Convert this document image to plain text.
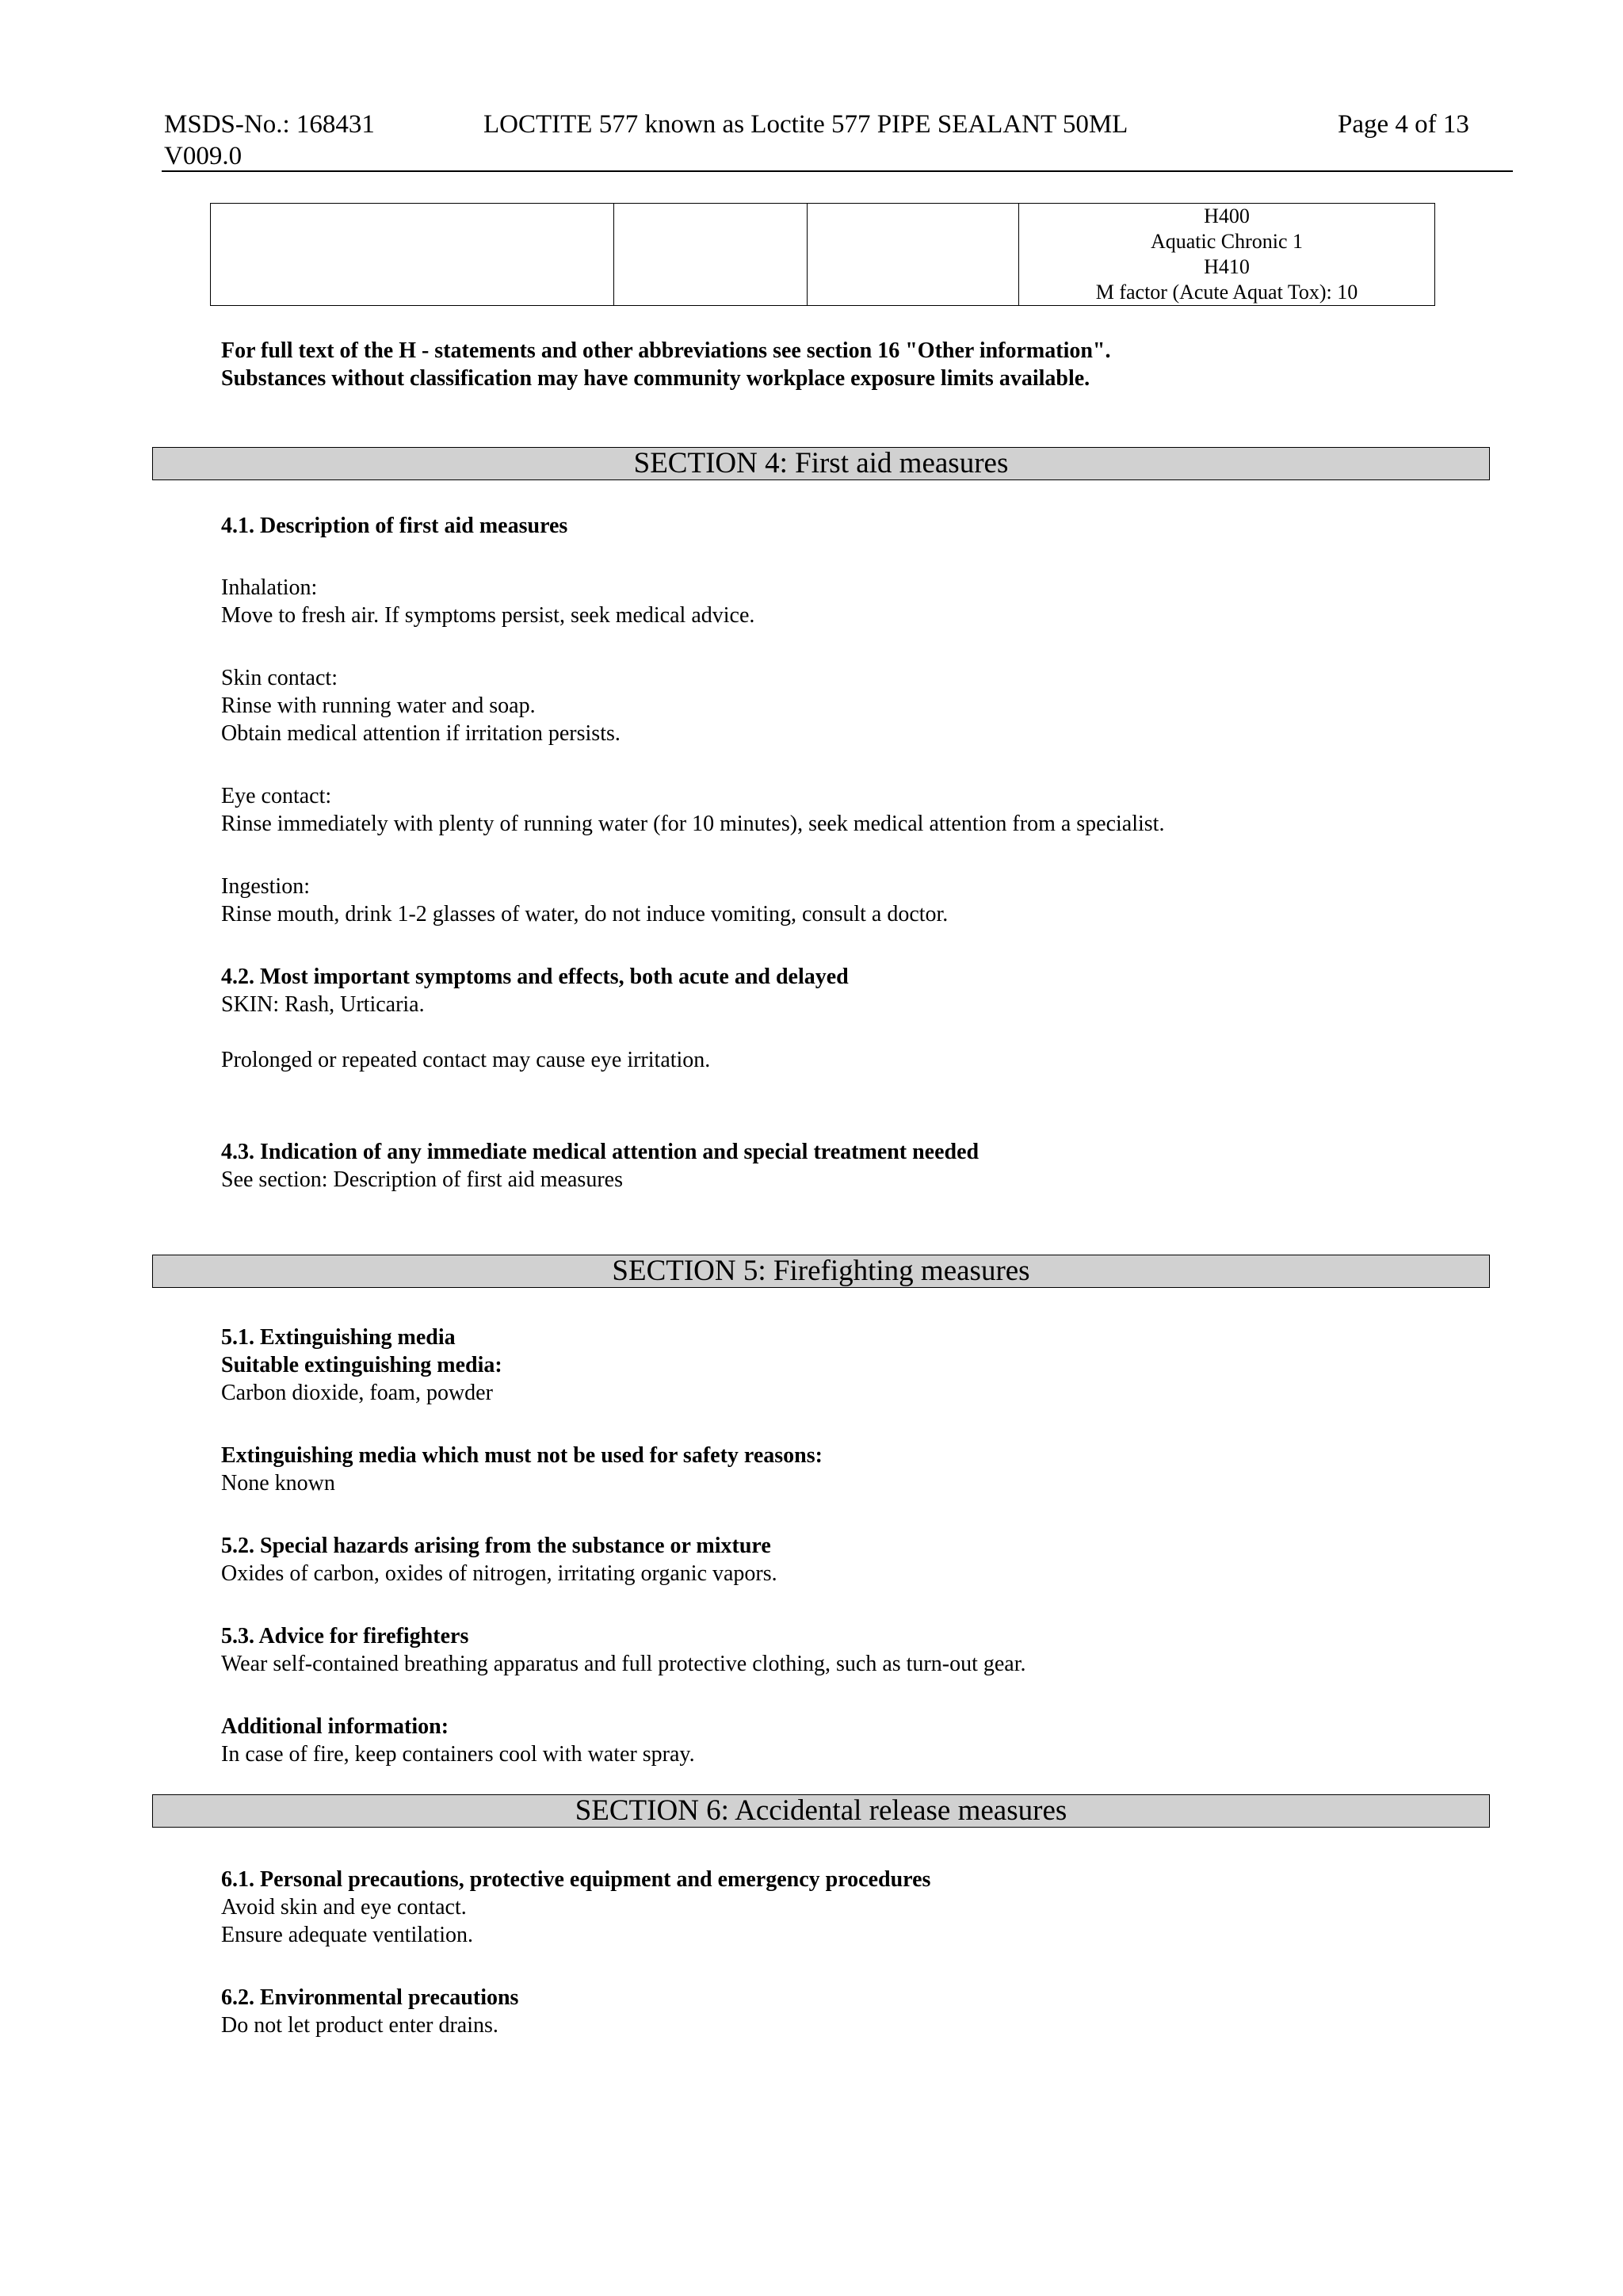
MSDS-No.: 168431
V009.0
LOCTITE 577 known as Loctite 577 PIPE SEALANT 50ML	Page 4 of 13

H400
Aquatic Chronic 1
H410
M factor (Acute Aquat Tox): 10
For full text of the H - statements and other abbreviations see section 16 "Other information".
Substances without classification may have community workplace exposure limits available.
SECTION 4: First aid measures
4.1. Description of first aid measures
Inhalation:
Move to fresh air. If symptoms persist, seek medical advice.
Skin contact:
Rinse with running water and soap.
Obtain medical attention if irritation persists.
Eye contact:
Rinse immediately with plenty of running water (for 10 minutes), seek medical attention from a specialist.
Ingestion:
Rinse mouth, drink 1-2 glasses of water, do not induce vomiting, consult a doctor.
4.2. Most important symptoms and effects, both acute and delayed
SKIN: Rash, Urticaria.
Prolonged or repeated contact may cause eye irritation.
4.3. Indication of any immediate medical attention and special treatment needed
See section: Description of first aid measures
SECTION 5: Firefighting measures
5.1. Extinguishing media
Suitable extinguishing media:
Carbon dioxide, foam, powder
Extinguishing media which must not be used for safety reasons:
None known
5.2. Special hazards arising from the substance or mixture
Oxides of carbon, oxides of nitrogen, irritating organic vapors.
5.3. Advice for firefighters
Wear self-contained breathing apparatus and full protective clothing, such as turn-out gear.
Additional information:
In case of fire, keep containers cool with water spray.
SECTION 6: Accidental release measures
6.1. Personal precautions, protective equipment and emergency procedures
Avoid skin and eye contact.
Ensure adequate ventilation.
6.2. Environmental precautions
Do not let product enter drains.
